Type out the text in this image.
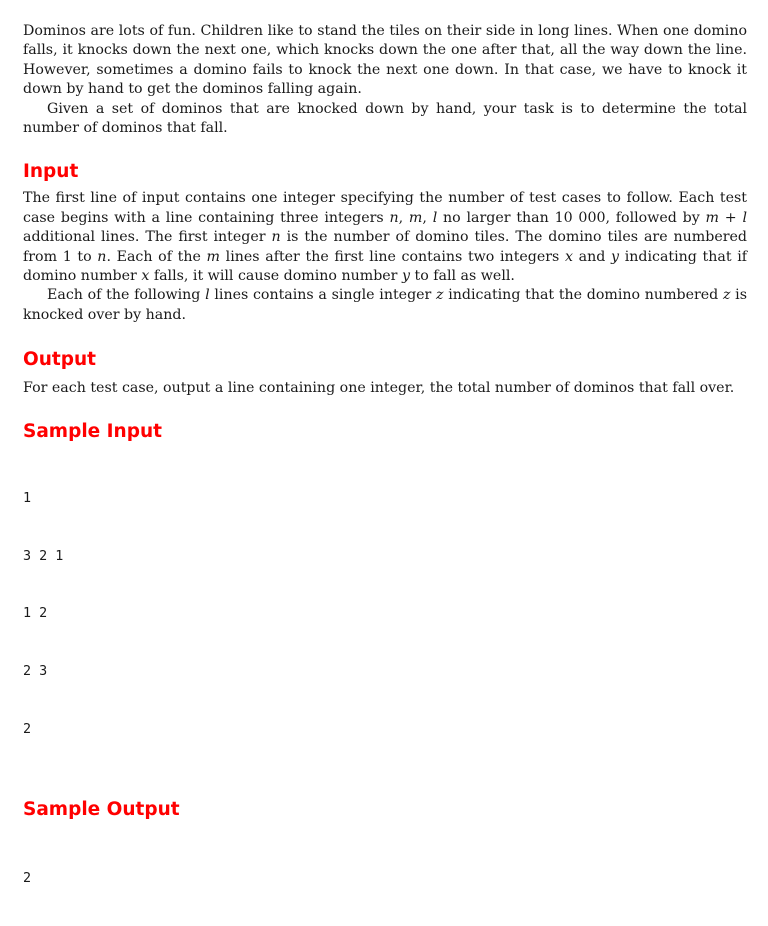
Dominos are lots of fun. Children like to stand the tiles on their side in long lines. When one domino falls, it knocks down the next one, which knocks down the one after that, all the way down the line. However, sometimes a domino fails to knock the next one down. In that case, we have to knock it down by hand to get the dominos falling again.

Given a set of dominos that are knocked down by hand, your task is to determine the total number of dominos that fall.

Input

The first line of input contains one integer specifying the number of test cases to follow. Each test case begins with a line containing three integers n, m, l no larger than 10 000, followed by m + l additional lines. The first integer n is the number of domino tiles. The domino tiles are numbered from 1 to n. Each of the m lines after the first line contains two integers x and y indicating that if domino number x falls, it will cause domino number y to fall as well.

Each of the following l lines contains a single integer z indicating that the domino numbered z is knocked over by hand.

Output

For each test case, output a line containing one integer, the total number of dominos that fall over.

Sample Input

1

3 2 1

1 2

2 3

2

Sample Output

2
